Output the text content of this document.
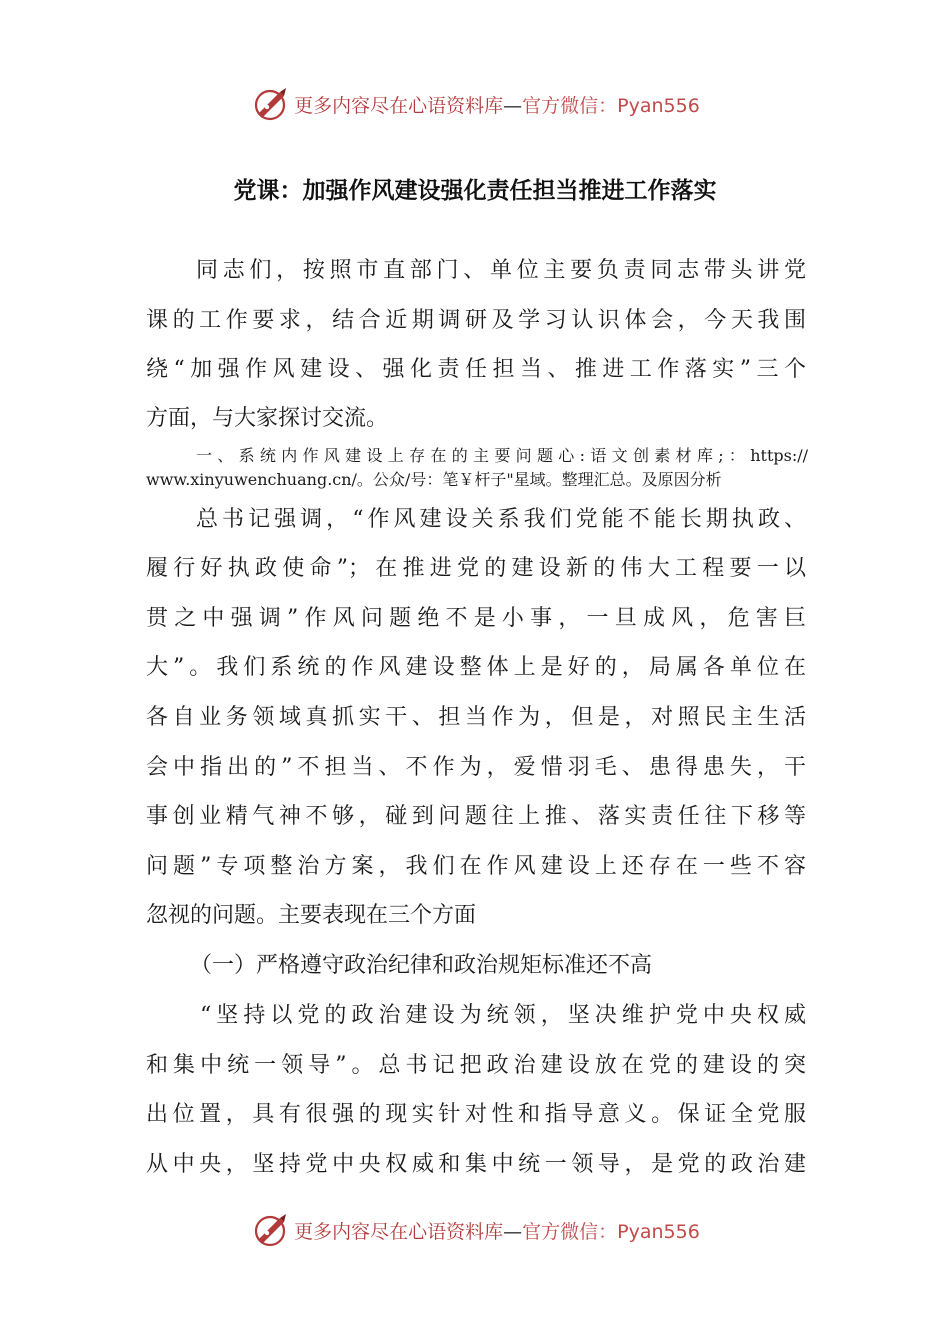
更多内容尽在心语资料库—官方微信：Pyan556
党课：加强作风建设强化责任担当推进工作落实
同志们，按照市直部门、单位主要负责同志带头讲党
课的工作要求，结合近期调研及学习认识体会，今天我围
绕“加强作风建设、强化责任担当、推进工作落实”三个
方面，与大家探讨交流。
一、系统内作风建设上存在的主要问题心:语文创素材库;：https://
www.xinyuwenchuang.cn/。公众/号：笔￥杆子"星域。整理汇总。及原因分析
总书记强调，“作风建设关系我们党能不能长期执政、
履行好执政使命”；在推进党的建设新的伟大工程要一以
贯之中强调”作风问题绝不是小事，一旦成风，危害巨
大”。我们系统的作风建设整体上是好的，局属各单位在
各自业务领域真抓实干、担当作为，但是，对照民主生活
会中指出的”不担当、不作为，爱惜羽毛、患得患失，干
事创业精气神不够，碰到问题往上推、落实责任往下移等
问题”专项整治方案，我们在作风建设上还存在一些不容
忽视的问题。主要表现在三个方面
（一）严格遵守政治纪律和政治规矩标准还不高
“坚持以党的政治建设为统领，坚决维护党中央权威
和集中统一领导”。总书记把政治建设放在党的建设的突
出位置，具有很强的现实针对性和指导意义。保证全党服
从中央，坚持党中央权威和集中统一领导，是党的政治建
更多内容尽在心语资料库—官方微信：Pyan556
